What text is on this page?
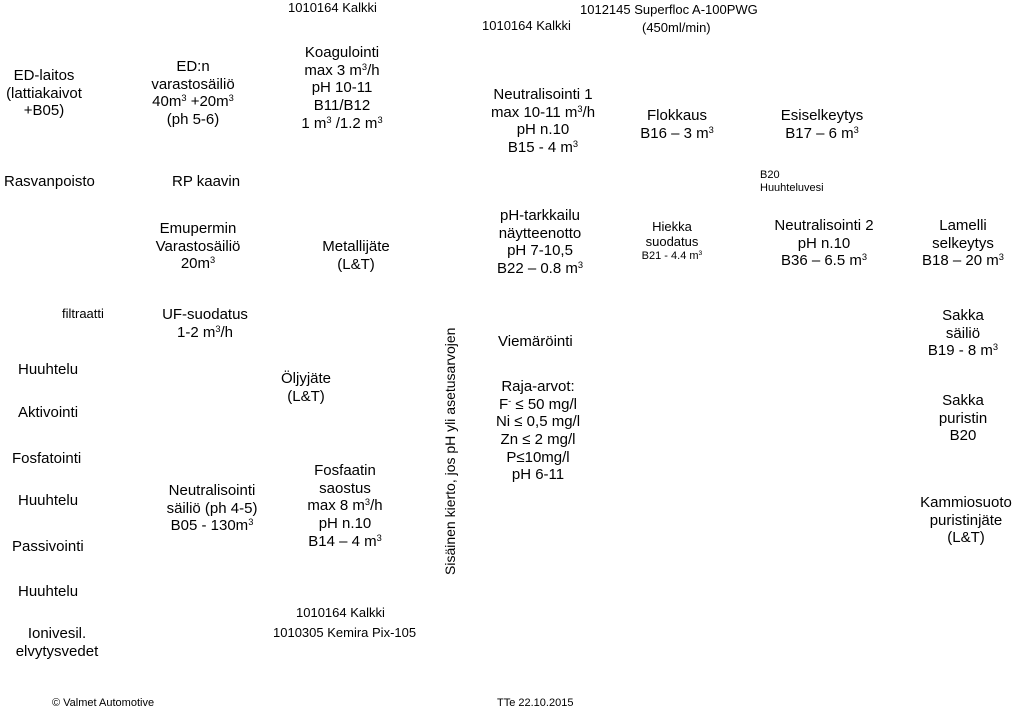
1010164 Kalkki
1010164 Kalkki
1012145 Superfloc A-100PWG
(450ml/min)
ED-laitos
(lattiakaivot
+B05)
Rasvanpoisto
filtraatti
Huuhtelu
Aktivointi
Fosfatointi
Huuhtelu
Passivointi
Huuhtelu
Ionivesil.
elvytysvedet
ED:n
varastosäiliö
$40m^3 +20m^3$
(ph 5-6)
RP kaavin
Emupermin
Varastosäiliö
$20m^3$
UF-suodatus
1-2 $m^3/h$
Neutralisointi
säiliö (ph 4-5)
$B05 - 130m^3$
Koagulointi
max 3 $m^3/h$
pH 10-11
B11/B12
1 $m^3$ /1.2 $m^3$
Metallijäte
(L&T)
Öljyjäte
(L&T)
Fosfaatin
saostus
max 8 $m^3/h$
pH n.10
B14 – 4 $m^3$
1010164 Kalkki
1010305 Kemira Pix-105
Sisäinen kierto, jos pH yli asetusarvojen
Neutralisointi 1
max 10-11 $m^3/h$
pH n.10
B15 - 4 $m^3$
pH-tarkkailu
näytteenotto
pH 7-10,5
B22 – 0.8 $m^3$
Viemäröinti
Raja-arvot:
F- ≤ 50 mg/l
Ni ≤ 0,5 mg/l
Zn ≤ 2 mg/l
P≤10mg/l
pH 6-11
Flokkaus
B16 – 3 $m^3$
Hiekka
suodatus
B21 - 4.4 $m^3$
Esiselkeytys
B17 – 6 $m^3$
B20
Huuhteluvesi
Neutralisointi 2
pH n.10
B36 – 6.5 $m^3$
Lamelli
selkeytys
B18 – 20 $m^3$
Sakka
säiliö
B19 - 8 $m^3$
Sakka
puristin
B20
Kammiosuoto
puristinjäte
(L&T)
© Valmet Automotive	TTe 22.10.2015
